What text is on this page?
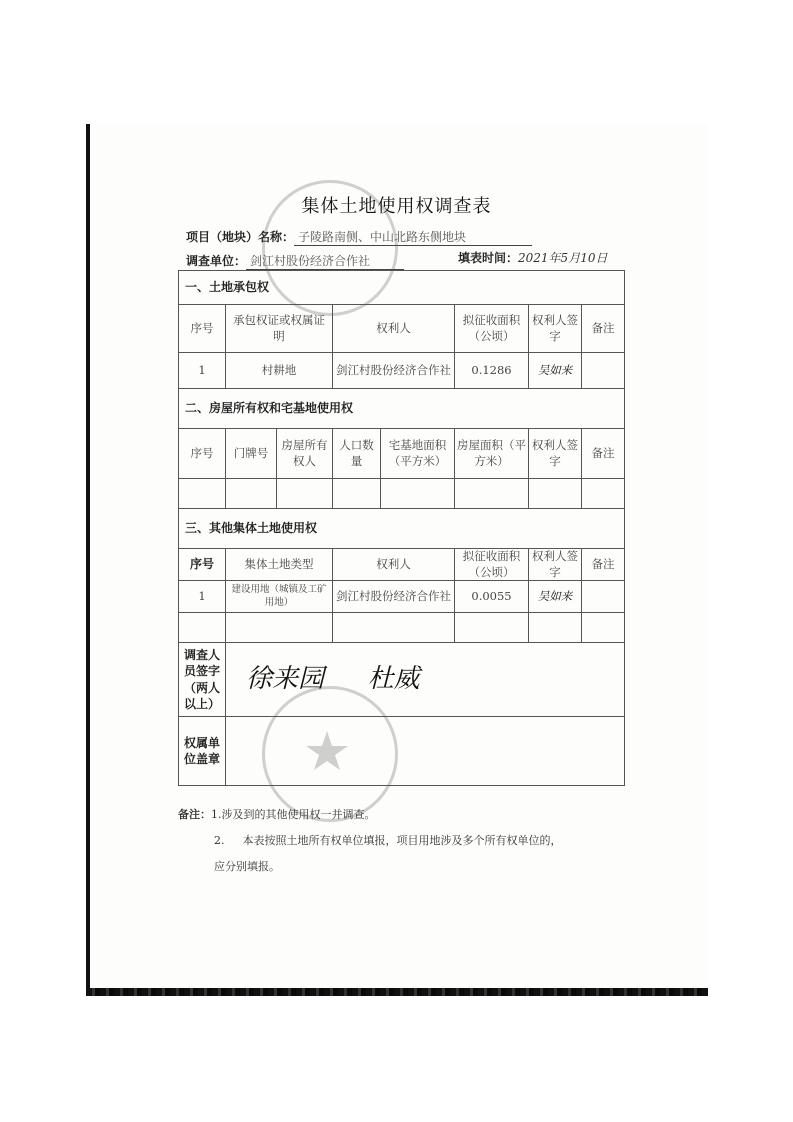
集体土地使用权调查表
项目（地块）名称： 子陵路南侧、中山北路东侧地块
调查单位： 剑江村股份经济合作社	填表时间：2021年5月10日
一、土地承包权							
序号	承包权证或权属证明		权利人		拟征收面积（公顷）	权利人签字	备注
1	村耕地		剑江村股份经济合作社		0.1286	吴如来	
二、房屋所有权和宅基地使用权							
序号	门牌号	房屋所有权人	人口数量	宅基地面积（平方米）	房屋面积（平方米）	权利人签字	备注

三、其他集体土地使用权							
序号	集体土地类型		权利人		拟征收面积（公顷）	权利人签字	备注
1	建设用地（城镇及工矿用地）		剑江村股份经济合作社		0.0055	吴如来	

调查人员签字（两人以上）	徐来园 杜威						
权属单位盖章							
备注：1.涉及到的其他使用权一并调查。
2. 本表按照土地所有权单位填报，项目用地涉及多个所有权单位的，
应分别填报。
